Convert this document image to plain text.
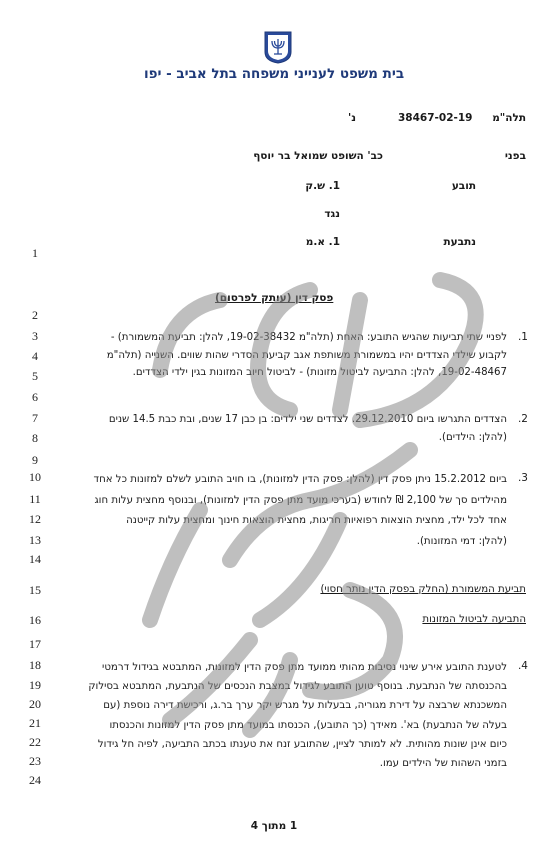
בית משפט לענייני משפחה בתל אביב - יפו
תלה"מ
38467-02-19
נ'
בפני
כב' השופט שמואל בר יוסף
תובע
1. ש.ק
נגד
נתבעת
1. א.מ
פסק דין (עותק לפרסום)
1
2
3
4
5
6
7
8
9
10
11
12
13
14
15
16
17
18
19
20
21
22
23
24
.1
לפניי שתי תביעות שהגיש התובע: האחת (תלה"מ 19-02-38432, להלן: תביעת המשמורת) -
לקבוע שילדי הצדדים יהיו במשמורת משותפת אגב קביעת הסדרי שהות שווים. השנייה (תלה"מ
19-02-48467, להלן: התביעה לביטול מזונות) - לביטול חיוב המזונות בגין ילדי הצדדים.
.2
הצדדים התגרשו ביום 29.12.2010. לצדדים שני ילדים: בן כבן 17 שנים, ובת כבת 14.5 שנים
(להלן: הילדים).
.3
ביום 15.2.2012 ניתן פסק דין (להלן: פסק הדין למזונות), בו חויב התובע לשלם למזונות כל אחד
מהילדים סך של 2,100 ₪ לחודש (בערכי מועד מתן פסק הדין למזונות), ובנוסף מחצית עלות חוג
אחד לכל ילד, מחצית הוצאות רפואיות חריגות, מחצית הוצאות חינוך ומחצית עלות קייטנה
(להלן: דמי המזונות).
תביעת המשמורת (החלק בפסק הדין נותר חסוי)
התביעה לביטול המזונות
.4
לטענת התובע אירע שינוי נסיבות מהותי ממועד מתן פסק הדין למזונות, המתבטא בגידול דרמטי
בהכנסתה של הנתבעת. בנוסף טוען התובע לגידול במצבת הנכסים של הנתבעת, המתבטא בסילוק
המשכנתא שרבצה על דירת מגוריה, בבעלות על מגרש יקר ערך בר.ג, ורכישת דירה נוספת (עם
בעלה של הנתבעת) בא'. מאידך (כך התובע), הכנסתו במועד מתן פסק הדין למזונות והכנסתו
כיום אינן שונות מהותית. לא למותר לציין, שהתובע זנח את טענתו בכתב התביעה, לפיה חל גידול
בזמני השהות של הילדים עמו.
1 מתוך 4
